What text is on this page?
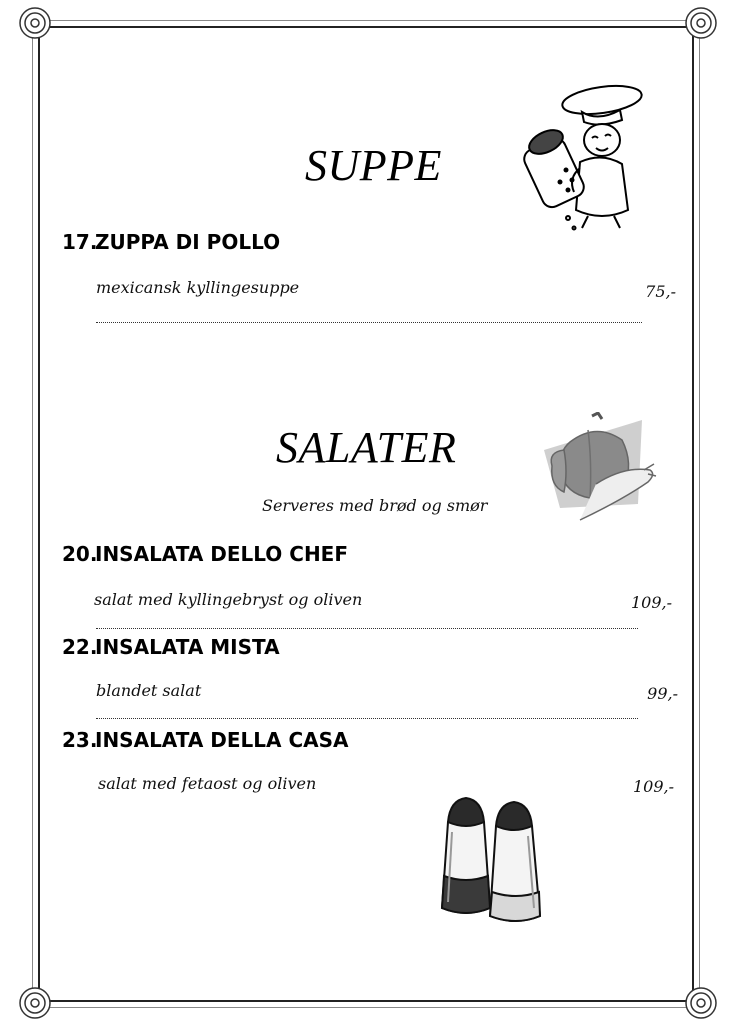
SUPPE
17.ZUPPA DI POLLO
mexicansk kyllingesuppe	75,-
SALATER
Serveres med brød og smør
20.INSALATA DELLO CHEF
salat med kyllingebryst og oliven	109,-
22.INSALATA MISTA
blandet salat	99,-
23.INSALATA DELLA CASA
salat med fetaost og oliven	109,-
